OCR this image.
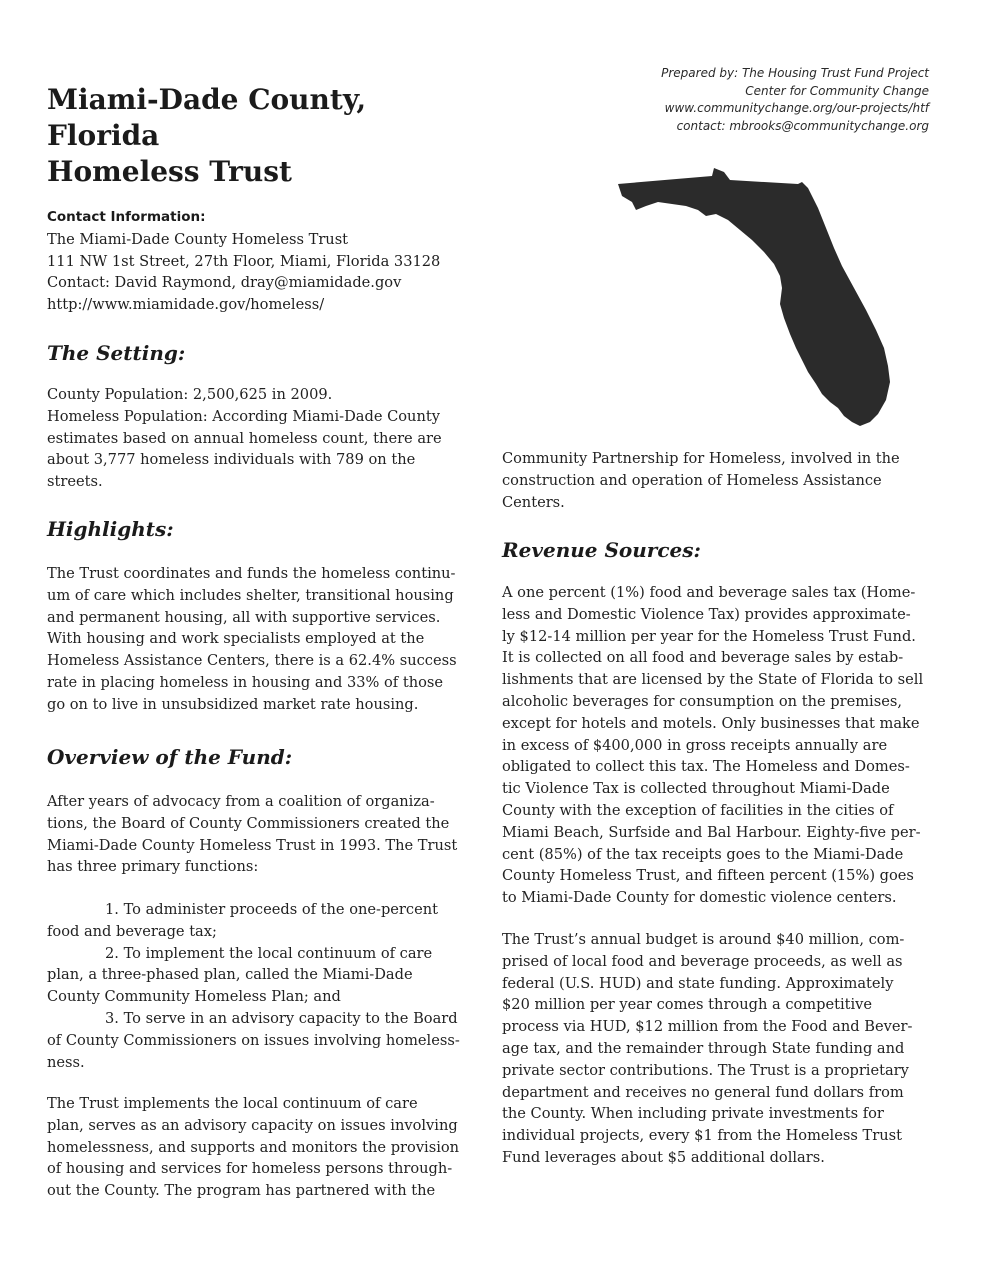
Miami-Dade County,
Florida
Homeless Trust
Prepared by: The Housing Trust Fund Project
Center for Community Change
www.communitychange.org/our-projects/htf
contact: mbrooks@communitychange.org
Contact Information:
The Miami-Dade County Homeless Trust
111 NW 1st Street, 27th Floor, Miami, Florida 33128
Contact: David Raymond, dray@miamidade.gov
http://www.miamidade.gov/homeless/
The Setting:
County Population: 2,500,625 in 2009.
Homeless Population: According Miami-Dade County
estimates based on annual homeless count, there are
about 3,777 homeless individuals with 789 on the
streets.
Highlights:
The Trust coordinates and funds the homeless continu-
um of care which includes shelter, transitional housing
and permanent housing, all with supportive services.
With housing and work specialists employed at the
Homeless Assistance Centers, there is a 62.4% success
rate in placing homeless in housing and 33% of those
go on to live in unsubsidized market rate housing.
Overview of the Fund:
After years of advocacy from a coalition of organiza-
tions, the Board of County Commissioners created the
Miami-Dade County Homeless Trust in 1993. The Trust
has three primary functions:
1. To administer proceeds of the one-percent
food and beverage tax;
2. To implement the local continuum of care
plan, a three-phased plan, called the Miami-Dade
County Community Homeless Plan; and
3. To serve in an advisory capacity to the Board
of County Commissioners on issues involving homeless-
ness.
The Trust implements the local continuum of care
plan, serves as an advisory capacity on issues involving
homelessness, and supports and monitors the provision
of housing and services for homeless persons through-
out the County. The program has partnered with the
Community Partnership for Homeless, involved in the
construction and operation of Homeless Assistance
Centers.
Revenue Sources:
A one percent (1%) food and beverage sales tax (Home-
less and Domestic Violence Tax) provides approximate-
ly $12-14 million per year for the Homeless Trust Fund.
It is collected on all food and beverage sales by estab-
lishments that are licensed by the State of Florida to sell
alcoholic beverages for consumption on the premises,
except for hotels and motels. Only businesses that make
in excess of $400,000 in gross receipts annually are
obligated to collect this tax. The Homeless and Domes-
tic Violence Tax is collected throughout Miami-Dade
County with the exception of facilities in the cities of
Miami Beach, Surfside and Bal Harbour. Eighty-five per-
cent (85%) of the tax receipts goes to the Miami-Dade
County Homeless Trust, and fifteen percent (15%) goes
to Miami-Dade County for domestic violence centers.
The Trust’s annual budget is around $40 million, com-
prised of local food and beverage proceeds, as well as
federal (U.S. HUD) and state funding. Approximately
$20 million per year comes through a competitive
process via HUD, $12 million from the Food and Bever-
age tax, and the remainder through State funding and
private sector contributions. The Trust is a proprietary
department and receives no general fund dollars from
the County. When including private investments for
individual projects, every $1 from the Homeless Trust
Fund leverages about $5 additional dollars.
